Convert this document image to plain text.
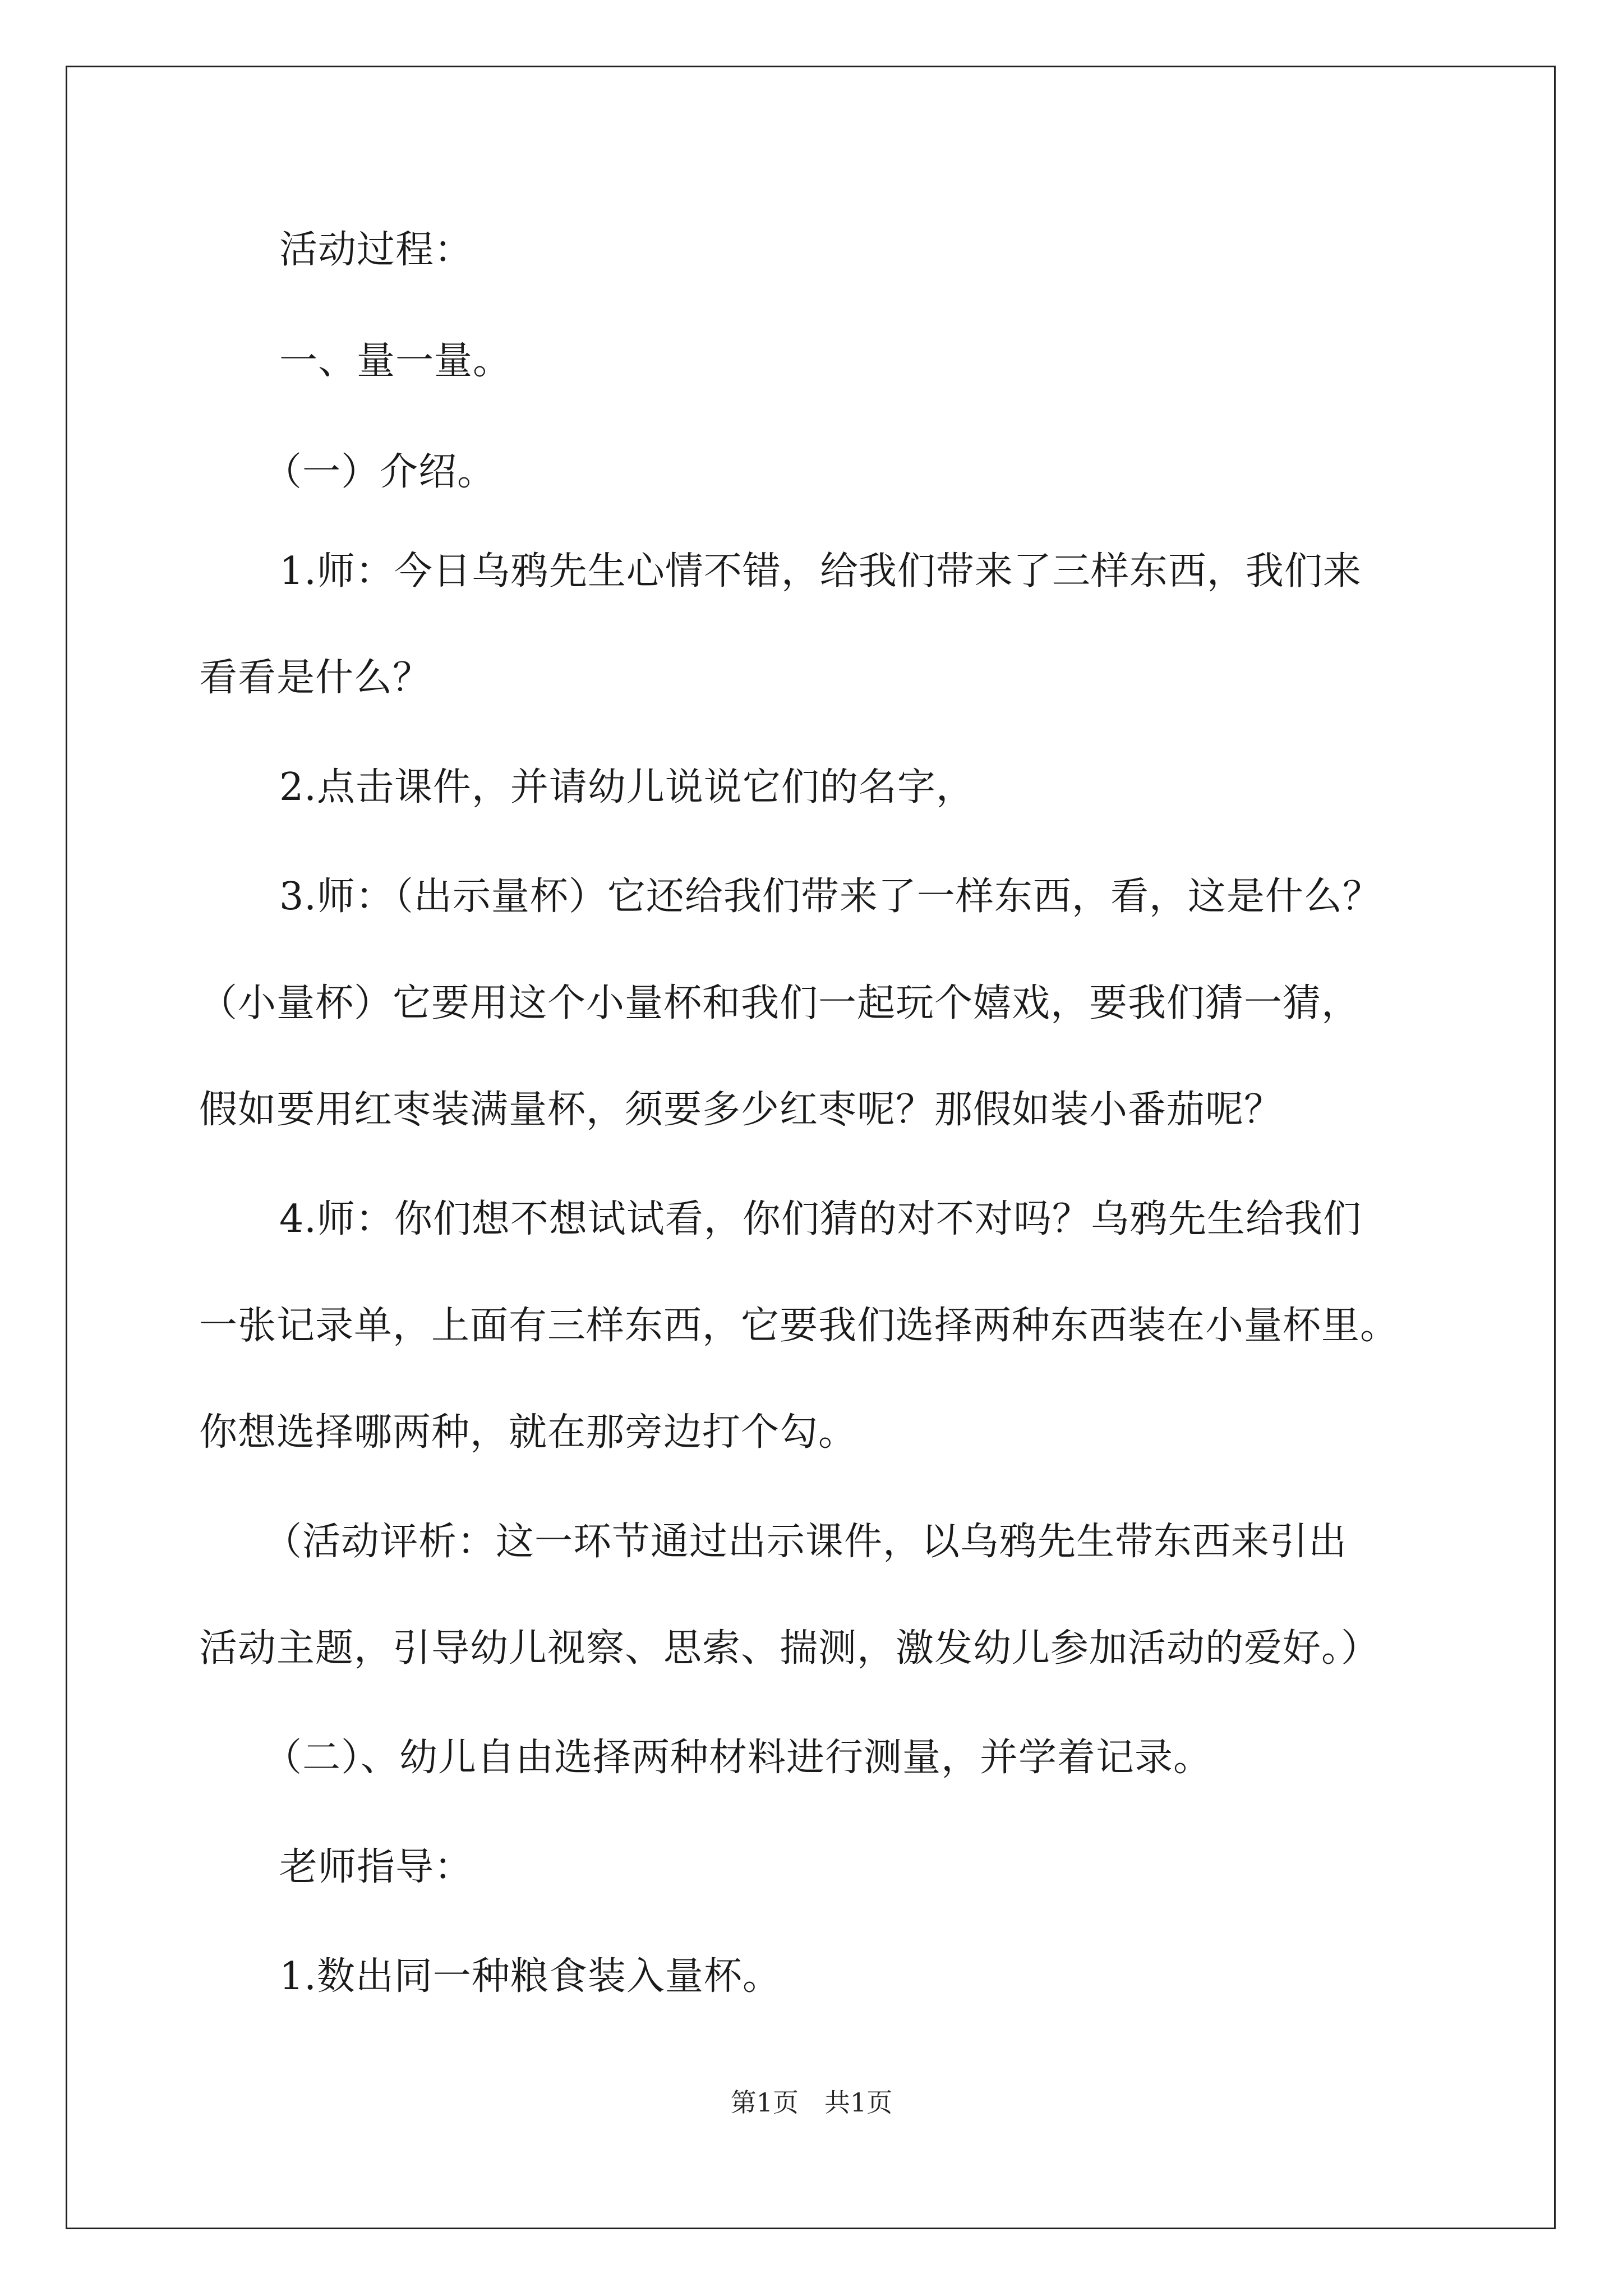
活动过程：
一、量一量。
（一）介绍。
1.师：今日乌鸦先生心情不错，给我们带来了三样东西，我们来
看看是什么？
2.点击课件，并请幼儿说说它们的名字，
3.师：（出示量杯）它还给我们带来了一样东西，看，这是什么？
（小量杯）它要用这个小量杯和我们一起玩个嬉戏，要我们猜一猜，
假如要用红枣装满量杯，须要多少红枣呢？那假如装小番茄呢？
4.师：你们想不想试试看，你们猜的对不对吗？乌鸦先生给我们
一张记录单，上面有三样东西，它要我们选择两种东西装在小量杯里。
你想选择哪两种，就在那旁边打个勾。
（活动评析：这一环节通过出示课件，以乌鸦先生带东西来引出
活动主题，引导幼儿视察、思索、揣测，激发幼儿参加活动的爱好。）
（二）、幼儿自由选择两种材料进行测量，并学着记录。
老师指导：
1.数出同一种粮食装入量杯。
第1页　共1页
